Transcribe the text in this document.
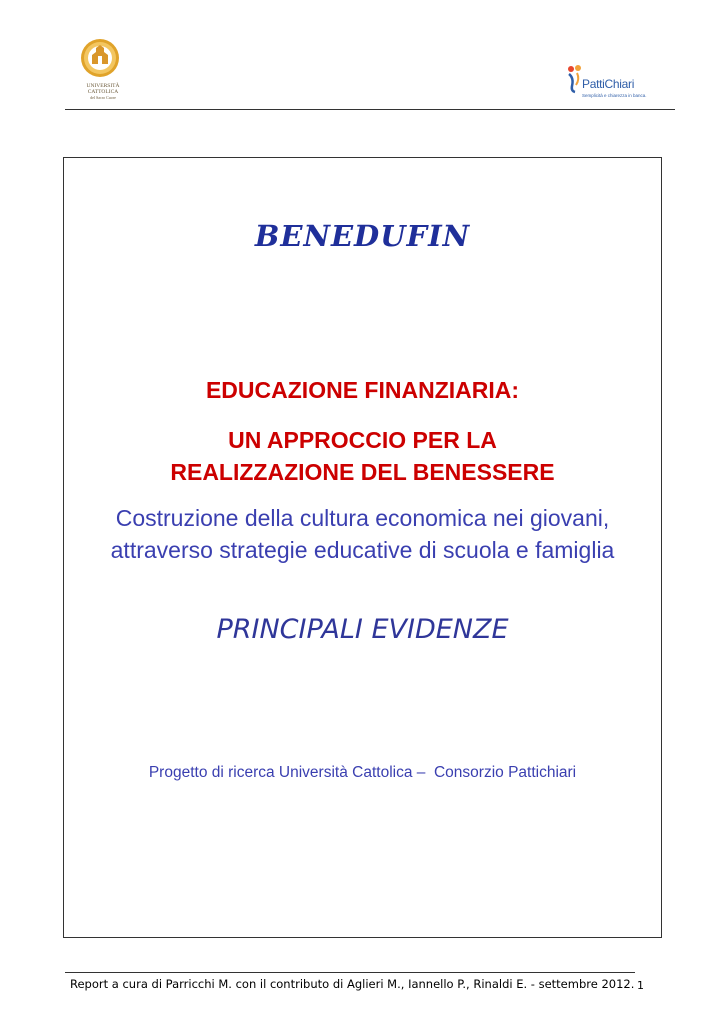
UNIVERSITÀ
CATTOLICA
del Sacro Cuore
PattiChiari
Semplicità e chiarezza in banca.
BENEDUFIN
EDUCAZIONE FINANZIARIA:
UN APPROCCIO PER LA
REALIZZAZIONE DEL BENESSERE
Costruzione della cultura economica nei giovani,
attraverso strategie educative di scuola e famiglia
PRINCIPALI EVIDENZE
Progetto di ricerca Università Cattolica –  Consorzio Pattichiari
Report a cura di Parricchi M. con il contributo di Aglieri M., Iannello P., Rinaldi E. - settembre 2012. 1
